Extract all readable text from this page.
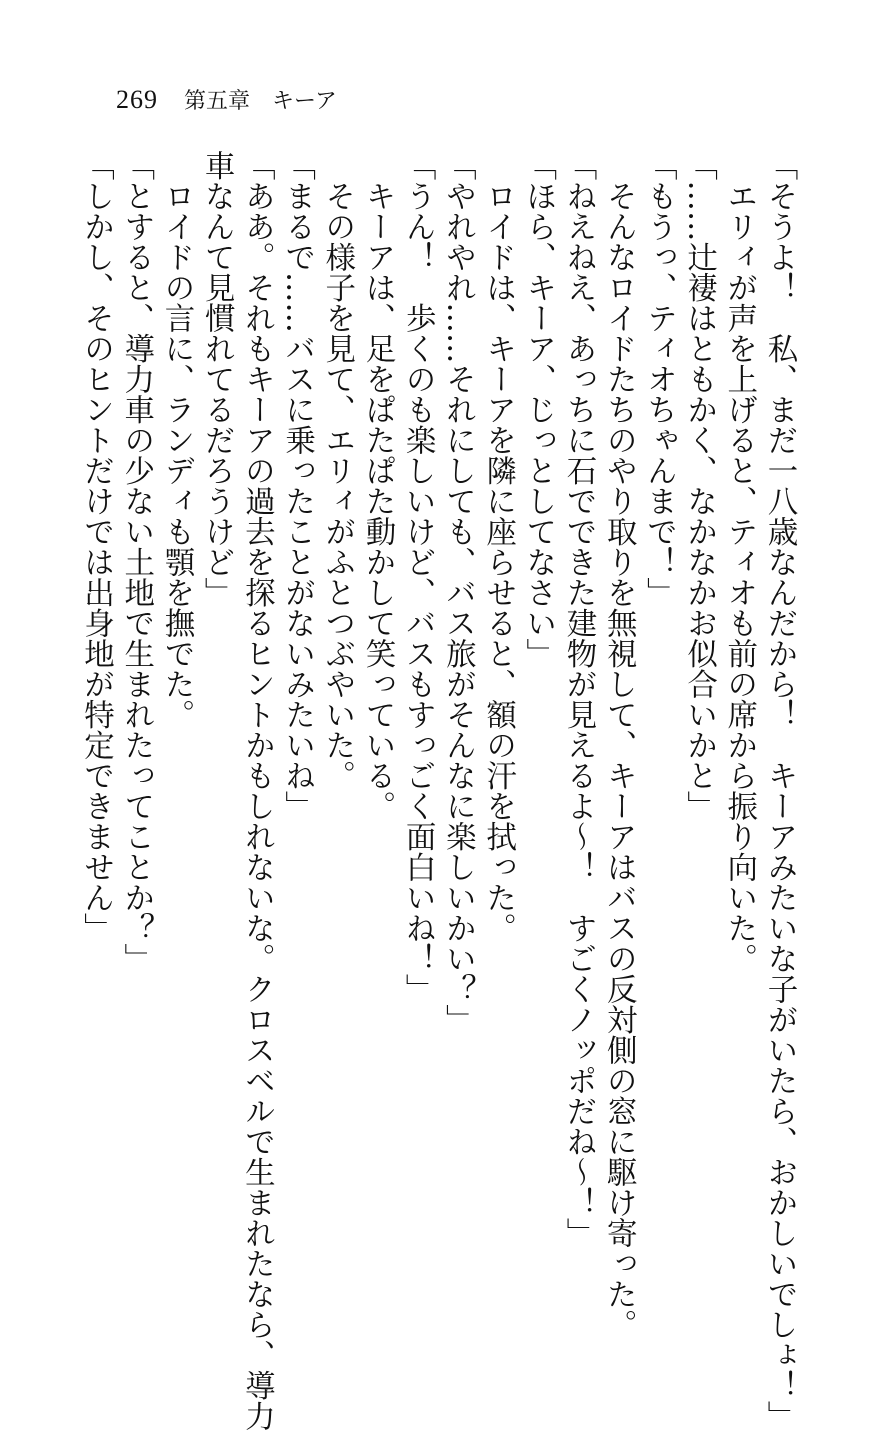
269 第五章　キーア
「そうよ！　私、まだ一八歳なんだから！　キーアみたいな子がいたら、おかしいでしょ！」
　エリィが声を上げると、ティオも前の席から振り向いた。
「……辻褄はともかく、なかなかお似合いかと」
「もうっ、ティオちゃんまで！」
　そんなロイドたちのやり取りを無視して、キーアはバスの反対側の窓に駆け寄った。
「ねえねえ、あっちに石でできた建物が見えるよ〜！　すごくノッポだね〜！」
「ほら、キーア、じっとしてなさい」
　ロイドは、キーアを隣に座らせると、額の汗を拭った。
「やれやれ……それにしても、バス旅がそんなに楽しいかい？」
「うん！　歩くのも楽しいけど、バスもすっごく面白いね！」
　キーアは、足をぱたぱた動かして笑っている。
　その様子を見て、エリィがふとつぶやいた。
「まるで……バスに乗ったことがないみたいね」
「ああ。それもキーアの過去を探るヒントかもしれないな。クロスベルで生まれたなら、導力
車なんて見慣れてるだろうけど」
　ロイドの言に、ランディも顎を撫でた。
「とすると、導力車の少ない土地で生まれたってことか？」
「しかし、そのヒントだけでは出身地が特定できません」
